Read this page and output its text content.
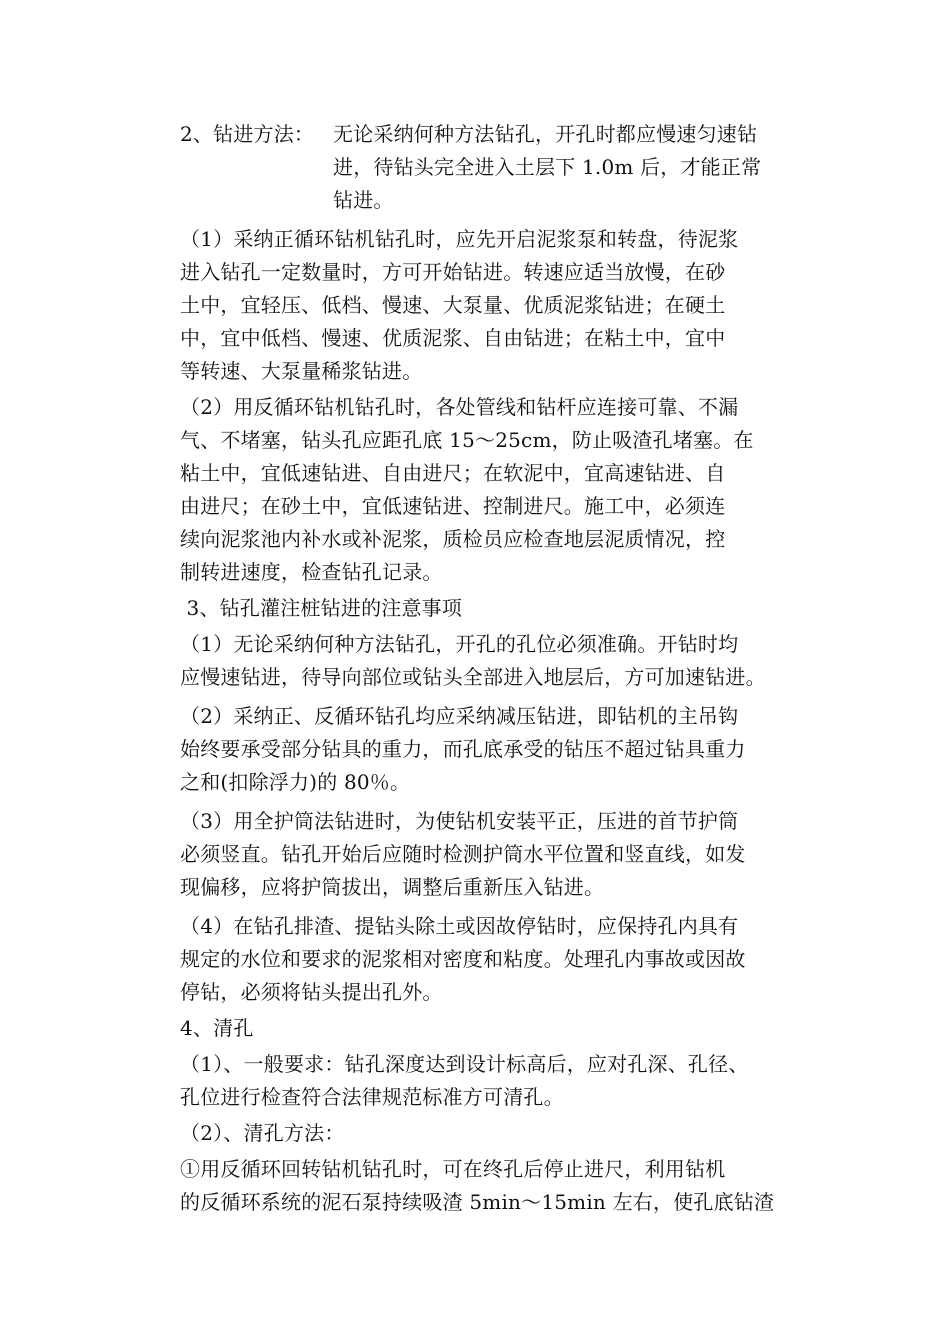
2、钻进方法： 无论采纳何种方法钻孔，开孔时都应慢速匀速钻
进，待钻头完全进入土层下 1.0m 后，才能正常
钻进。
（1）采纳正循环钻机钻孔时，应先开启泥浆泵和转盘，待泥浆
进入钻孔一定数量时，方可开始钻进。转速应适当放慢，在砂
土中，宜轻压、低档、慢速、大泵量、优质泥浆钻进；在硬土
中，宜中低档、慢速、优质泥浆、自由钻进；在粘土中，宜中
等转速、大泵量稀浆钻进。
（2）用反循环钻机钻孔时，各处管线和钻杆应连接可靠、不漏
气、不堵塞，钻头孔应距孔底 15～25cm，防止吸渣孔堵塞。在
粘土中，宜低速钻进、自由进尺；在软泥中，宜高速钻进、自
由进尺；在砂土中，宜低速钻进、控制进尺。施工中，必须连
续向泥浆池内补水或补泥浆，质检员应检查地层泥质情况，控
制转进速度，检查钻孔记录。
3、钻孔灌注桩钻进的注意事项
（1）无论采纳何种方法钻孔，开孔的孔位必须准确。开钻时均
应慢速钻进，待导向部位或钻头全部进入地层后，方可加速钻进。
（2）采纳正、反循环钻孔均应采纳减压钻进，即钻机的主吊钩
始终要承受部分钻具的重力，而孔底承受的钻压不超过钻具重力
之和(扣除浮力)的 80％。
（3）用全护筒法钻进时，为使钻机安装平正，压进的首节护筒
必须竖直。钻孔开始后应随时检测护筒水平位置和竖直线，如发
现偏移，应将护筒拔出，调整后重新压入钻进。
（4）在钻孔排渣、提钻头除土或因故停钻时，应保持孔内具有
规定的水位和要求的泥浆相对密度和粘度。处理孔内事故或因故
停钻，必须将钻头提出孔外。
4、清孔
（1）、一般要求：钻孔深度达到设计标高后，应对孔深、孔径、
孔位进行检查符合法律规范标准方可清孔。
（2）、清孔方法：
①用反循环回转钻机钻孔时，可在终孔后停止进尺，利用钻机
的反循环系统的泥石泵持续吸渣 5min～15min 左右，使孔底钻渣
